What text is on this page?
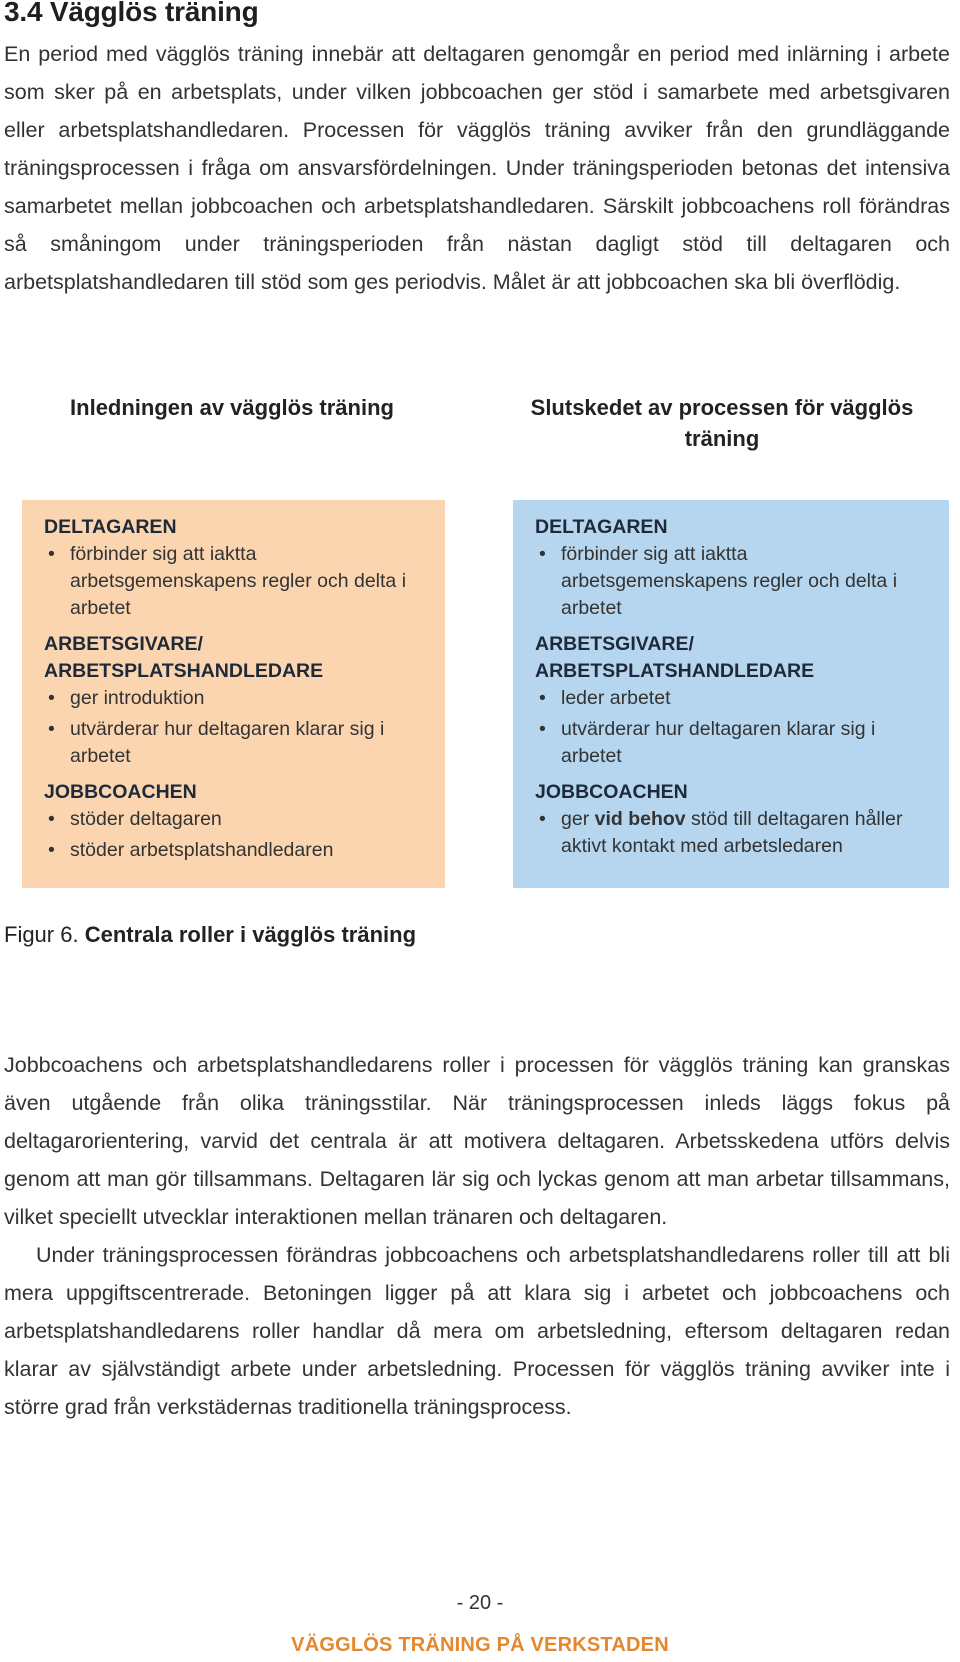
3.4 Vägglös träning

En period med vägglös träning innebär att deltagaren genomgår en period med inlärning i arbete som sker på en arbetsplats, under vilken jobbcoachen ger stöd i samarbete med arbetsgivaren eller arbetsplatshandledaren. Processen för vägglös träning avviker från den grundläggande träningsprocessen i fråga om ansvarsfördelningen. Under träningsperioden betonas det intensiva samarbetet mellan jobbcoachen och arbetsplatshandledaren. Särskilt jobbcoachens roll förändras så småningom under träningsperioden från nästan dagligt stöd till deltagaren och arbetsplatshandledaren till stöd som ges periodvis. Målet är att jobbcoachen ska bli överflödig.

Inledningen av vägglös träning	Slutskedet av processen för vägglös träning
DELTAGAREN
• förbinder sig att iaktta arbetsgemenskapens regler och delta i arbetet
ARBETSGIVARE/ ARBETSPLATSHANDLEDARE
• ger introduktion
• utvärderar hur deltagaren klarar sig i arbetet
JOBBCOACHEN
• stöder deltagaren
• stöder arbetsplatshandledaren
DELTAGAREN
• förbinder sig att iaktta arbetsgemenskapens regler och delta i arbetet
ARBETSGIVARE/ ARBETSPLATSHANDLEDARE
• leder arbetet
• utvärderar hur deltagaren klarar sig i arbetet
JOBBCOACHEN
• ger vid behov stöd till deltagaren håller aktivt kontakt med arbetsledaren

Figur 6. Centrala roller i vägglös träning

Jobbcoachens och arbetsplatshandledarens roller i processen för vägglös träning kan granskas även utgående från olika träningsstilar. När träningsprocessen inleds läggs fokus på deltagarorientering, varvid det centrala är att motivera deltagaren. Arbetsskedena utförs delvis genom att man gör tillsammans. Deltagaren lär sig och lyckas genom att man arbetar tillsammans, vilket speciellt utvecklar interaktionen mellan tränaren och deltagaren.

Under träningsprocessen förändras jobbcoachens och arbetsplatshandledarens roller till att bli mera uppgiftscentrerade. Betoningen ligger på att klara sig i arbetet och jobbcoachens och arbetsplatshandledarens roller handlar då mera om arbetsledning, eftersom deltagaren redan klarar av självständigt arbete under arbetsledning. Processen för vägglös träning avviker inte i större grad från verkstädernas traditionella träningsprocess.

- 20 -
VÄGGLÖS TRÄNING PÅ VERKSTADEN
